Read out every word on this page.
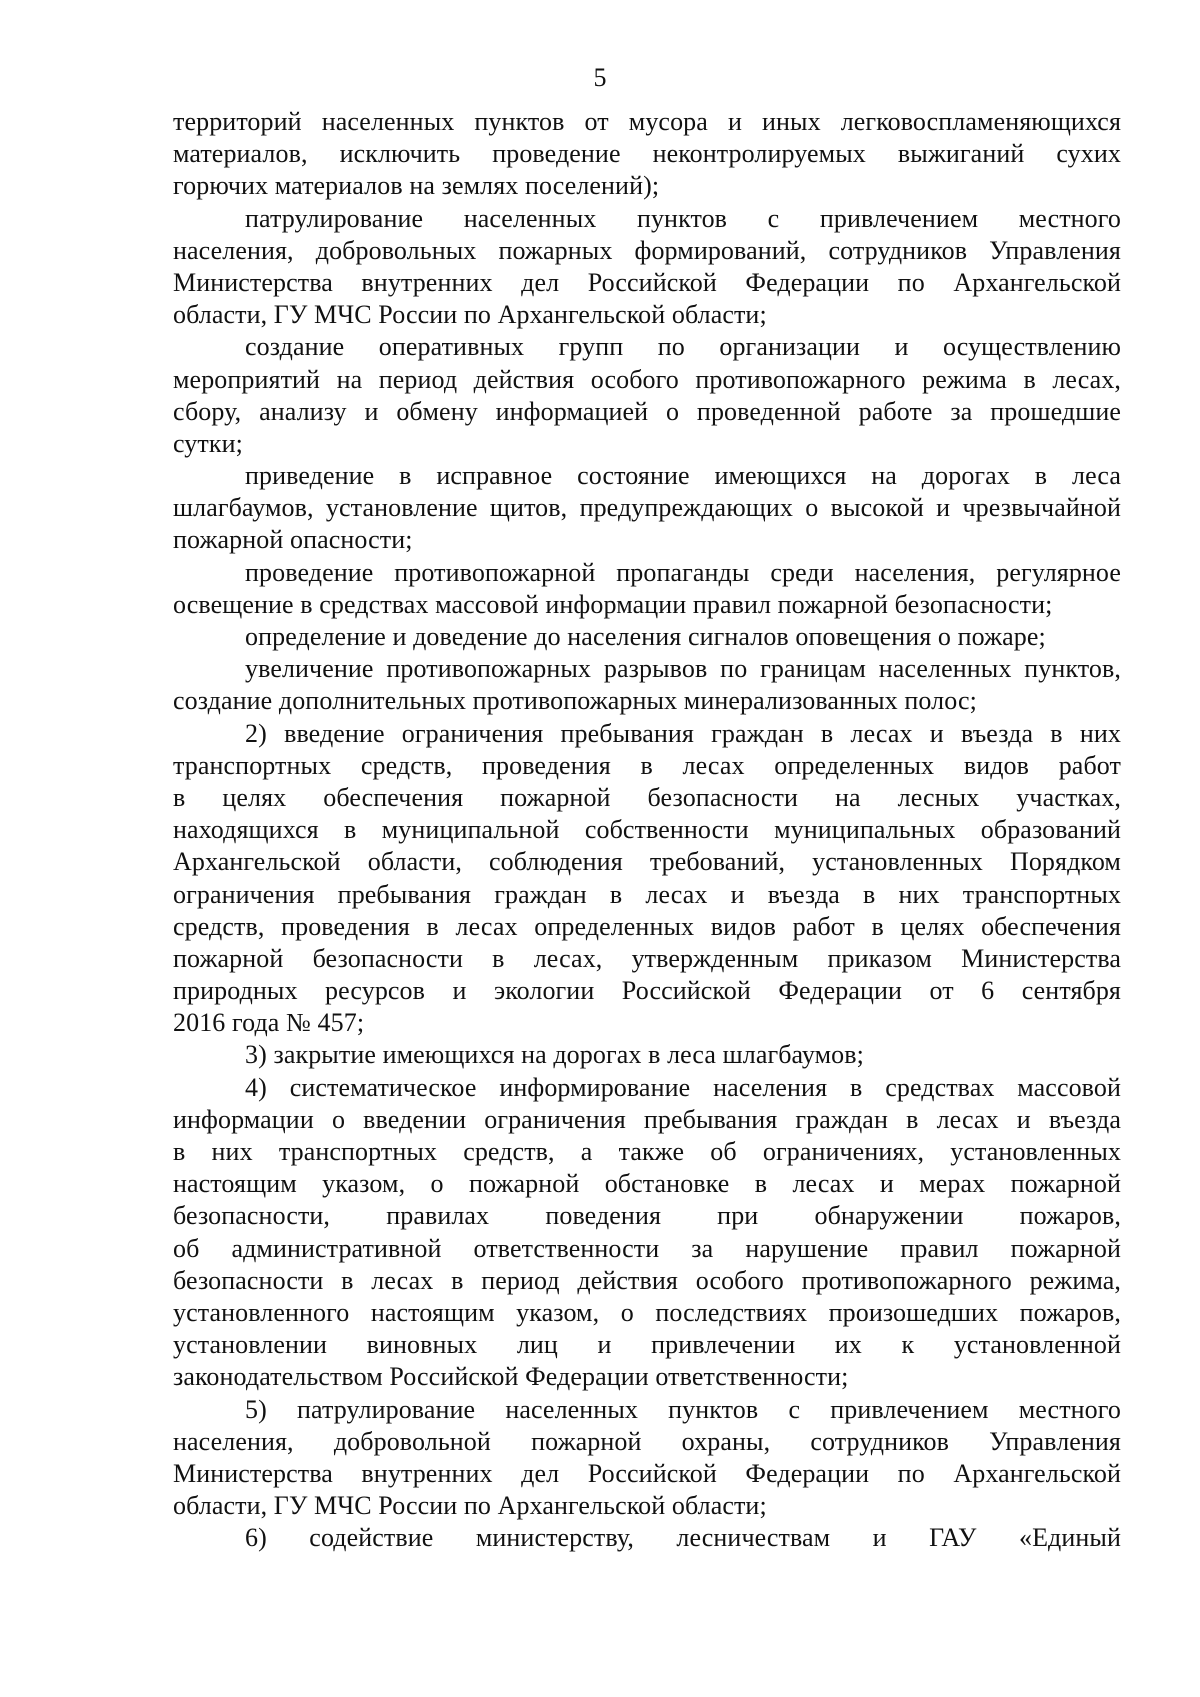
5
территорий населенных пунктов от мусора и иных легковоспламеняющихся
материалов, исключить проведение неконтролируемых выжиганий сухих
горючих материалов на землях поселений);
патрулирование населенных пунктов с привлечением местного
населения, добровольных пожарных формирований, сотрудников Управления
Министерства внутренних дел Российской Федерации по Архангельской
области, ГУ МЧС России по Архангельской области;
создание оперативных групп по организации и осуществлению
мероприятий на период действия особого противопожарного режима в лесах,
сбору, анализу и обмену информацией о проведенной работе за прошедшие
сутки;
приведение в исправное состояние имеющихся на дорогах в леса
шлагбаумов, установление щитов, предупреждающих о высокой и чрезвычайной
пожарной опасности;
проведение противопожарной пропаганды среди населения, регулярное
освещение в средствах массовой информации правил пожарной безопасности;
определение и доведение до населения сигналов оповещения о пожаре;
увеличение противопожарных разрывов по границам населенных пунктов,
создание дополнительных противопожарных минерализованных полос;
2) введение ограничения пребывания граждан в лесах и въезда в них
транспортных средств, проведения в лесах определенных видов работ
в целях обеспечения пожарной безопасности на лесных участках,
находящихся в муниципальной собственности муниципальных образований
Архангельской области, соблюдения требований, установленных Порядком
ограничения пребывания граждан в лесах и въезда в них транспортных
средств, проведения в лесах определенных видов работ в целях обеспечения
пожарной безопасности в лесах, утвержденным приказом Министерства
природных ресурсов и экологии Российской Федерации от 6 сентября
2016 года № 457;
3) закрытие имеющихся на дорогах в леса шлагбаумов;
4) систематическое информирование населения в средствах массовой
информации о введении ограничения пребывания граждан в лесах и въезда
в них транспортных средств, а также об ограничениях, установленных
настоящим указом, о пожарной обстановке в лесах и мерах пожарной
безопасности, правилах поведения при обнаружении пожаров,
об административной ответственности за нарушение правил пожарной
безопасности в лесах в период действия особого противопожарного режима,
установленного настоящим указом, о последствиях произошедших пожаров,
установлении виновных лиц и привлечении их к установленной
законодательством Российской Федерации ответственности;
5) патрулирование населенных пунктов с привлечением местного
населения, добровольной пожарной охраны, сотрудников Управления
Министерства внутренних дел Российской Федерации по Архангельской
области, ГУ МЧС России по Архангельской области;
6) содействие министерству, лесничествам и ГАУ «Единый
